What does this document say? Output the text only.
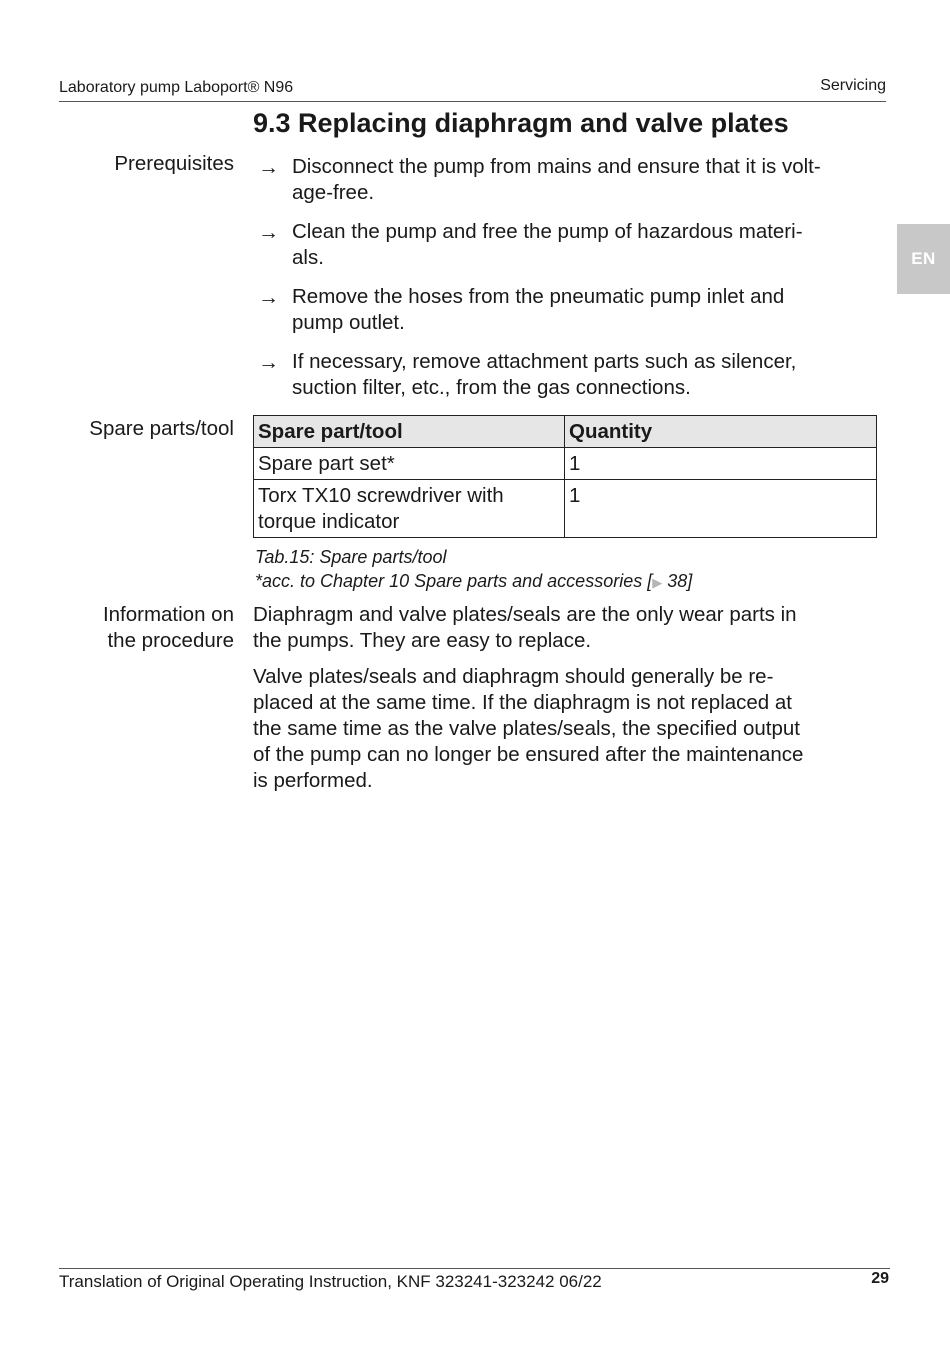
Laboratory pump Laboport® N96	Servicing
EN
9.3 Replacing diaphragm and valve plates
Prerequisites → Disconnect the pump from mains and ensure that it is volt-
age-free.
→ Clean the pump and free the pump of hazardous materi-
als.
→ Remove the hoses from the pneumatic pump inlet and
pump outlet.
→ If necessary, remove attachment parts such as silencer,
suction filter, etc., from the gas connections.
Spare parts/tool Spare part/tool	Quantity
Spare part set*	1
Torx TX10 screwdriver with
torque indicator	1
Tab.15: Spare parts/tool
*acc. to Chapter 10 Spare parts and accessories [▶ 38]
Information on
the procedure

Diaphragm and valve plates/seals are the only wear parts in
the pumps. They are easy to replace.

Valve plates/seals and diaphragm should generally be re-
placed at the same time. If the diaphragm is not replaced at
the same time as the valve plates/seals, the specified output
of the pump can no longer be ensured after the maintenance
is performed.

Translation of Original Operating Instruction, KNF 323241-323242 06/22	29
